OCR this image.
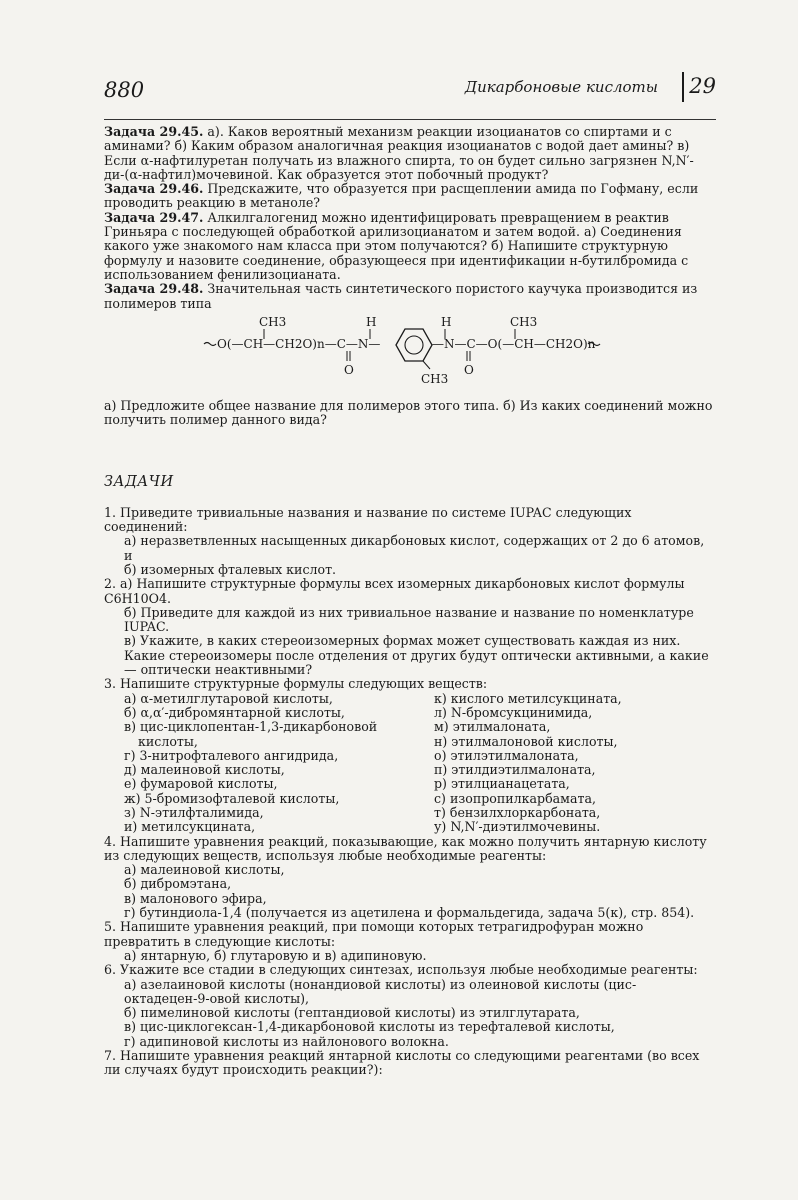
880	Дикарбоновые кислоты 29

Задача 29.45. а). Каков вероятный механизм реакции изоцианатов со спиртами и с аминами? б) Каким образом аналогичная реакция изоцианатов с водой дает амины? в) Если α-нафтилуретан получать из влажного спирта, то он будет сильно загрязнен N,N′-ди-(α-нафтил)мочевиной. Как образуется этот побочный продукт?

Задача 29.46. Предскажите, что образуется при расщеплении амида по Гофману, если проводить реакцию в метаноле?

Задача 29.47. Алкилгалогенид можно идентифицировать превращением в реактив Гриньяра с последующей обработкой арилизоцианатом и затем водой. а) Соединения какого уже знакомого нам класса при этом получаются? б) Напишите структурную формулу и назовите соединение, образующееся при идентификации н-бутилбромида с использованием фенилизоцианата.

Задача 29.48. Значительная часть синтетического пористого каучука производится из полимеров типа

CH3
O(—CH—CH2O)n—C—N—
H
O
CH3
—N—C—O(—CH—CH2O)n
H
O
CH3

а) Предложите общее название для полимеров этого типа. б) Из каких соединений можно получить полимер данного вида?

ЗАДАЧИ
1. Приведите тривиальные названия и название по системе IUPAC следующих соединений:
а) неразветвленных насыщенных дикарбоновых кислот, содержащих от 2 до 6 атомов, и
б) изомерных фталевых кислот.
2. а) Напишите структурные формулы всех изомерных дикарбоновых кислот формулы C6H10O4.
б) Приведите для каждой из них тривиальное название и название по номенклатуре IUPAC.
в) Укажите, в каких стереоизомерных формах может существовать каждая из них. Какие стереоизомеры после отделения от других будут оптически активными, а какие — оптически неактивными?
3. Напишите структурные формулы следующих веществ:
а) α-метилглутаровой кислоты,
б) α,α′-дибромянтарной кислоты,
в) цис-циклопентан-1,3-дикарбоновой кислоты,
г) 3-нитрофталевого ангидрида,
д) малеиновой кислоты,
е) фумаровой кислоты,
ж) 5-бромизофталевой кислоты,
з) N-этилфталимида,
и) метилсукцината,
к) кислого метилсукцината,
л) N-бромсукцинимида,
м) этилмалоната,
н) этилмалоновой кислоты,
о) этилэтилмалоната,
п) этилдиэтилмалоната,
р) этилцианацетата,
с) изопропилкарбамата,
т) бензилхлоркарбоната,
у) N,N′-диэтилмочевины.
4. Напишите уравнения реакций, показывающие, как можно получить янтарную кислоту из следующих веществ, используя любые необходимые реагенты:
а) малеиновой кислоты,
б) дибромэтана,
в) малонового эфира,
г) бутиндиола-1,4 (получается из ацетилена и формальдегида, задача 5(к), стр. 854).
5. Напишите уравнения реакций, при помощи которых тетрагидрофуран можно превратить в следующие кислоты:
а) янтарную, б) глутаровую и в) адипиновую.
6. Укажите все стадии в следующих синтезах, используя любые необходимые реагенты:
а) азелаиновой кислоты (нонандиовой кислоты) из олеиновой кислоты (цис-октадецен-9-овой кислоты),
б) пимелиновой кислоты (гептандиовой кислоты) из этилглутарата,
в) цис-циклогексан-1,4-дикарбоновой кислоты из терефталевой кислоты,
г) адипиновой кислоты из найлонового волокна.
7. Напишите уравнения реакций янтарной кислоты со следующими реагентами (во всех ли случаях будут происходить реакции?):
